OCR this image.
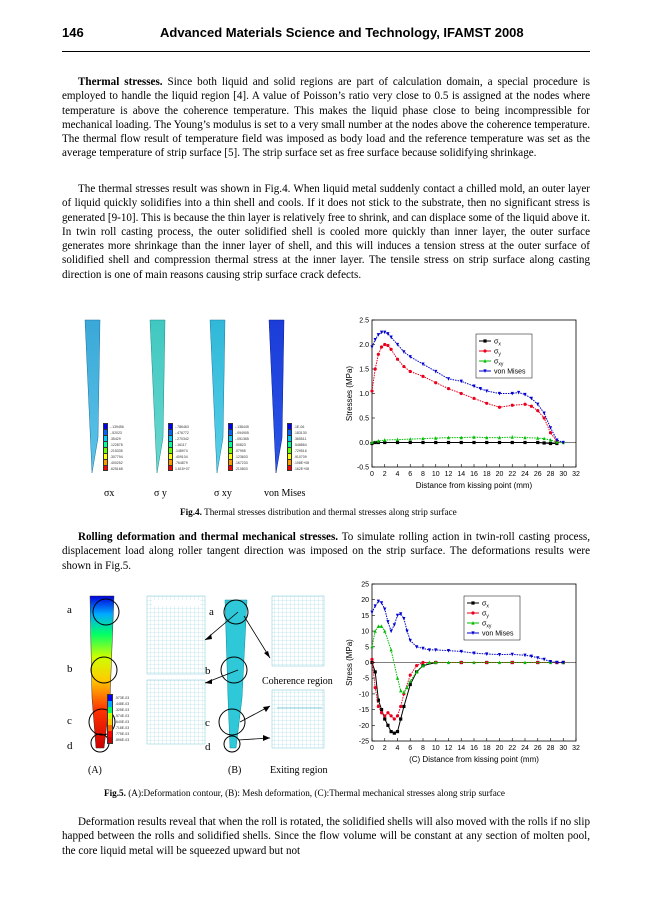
146	Advanced Materials Science and Technology, IFAMST 2008
Thermal stresses. Since both liquid and solid regions are part of calculation domain, a special procedure is employed to handle the liquid region [4]. A value of Poisson’s ratio very close to 0.5 is assigned at the nodes where temperature is above the coherence temperature. This makes the liquid phase close to being incompressible for mechanical loading. The Young’s modulus is set to a very small number at the nodes above the coherence temperature. The thermal flow result of temperature field was imposed as body load and the reference temperature was set as the average temperature of strip surface [5]. The strip surface set as free surface because solidifying shrinkage.
The thermal stresses result was shown in Fig.4. When liquid metal suddenly contact a chilled mold, an outer layer of liquid quickly solidifies into a thin shell and cools. If it does not stick to the substrate, then no significant stress is generated [9-10]. This is because the thin layer is relatively free to shrink, and can displace some of the liquid above it. In twin roll casting process, the outer solidified shell is cooled more quickly than inner layer, the outer surface generates more shrinkage than the inner layer of shell, and this will induces a tension stress at the outer surface of solidified shell and compression thermal stress at the inner layer. The tensile stress on strip surface along casting direction is one of main reasons causing strip surface crack defects.
-.139456
-.52023
.35429
.122878
.215335
.307794
.400252
.625168
-.786463
-.476772
-.270342
-.16117
.148974
.409104
.764879
1.615+07
-.138445
-.094905
-.051365
.00823
.07995
.123603
.167233
.210803
.1E-06
.183130
.365511
.548864
.729516
.910709
.108E+08
.162E+08
σx	σ y	σ xy	von Mises
0 2 4 6 8 10 12 14 16 18 20 22 24 26 28 30 32
-0.5
0.0
0.5
1.0
1.5
2.0
2.5
Distance from kissing point (mm)
Stresses (MPa)
$\sigma_x$
$\sigma_y$
$\sigma_{xy}$
von Mises
Fig.4. Thermal stresses distribution and thermal stresses along strip surface
Rolling deformation and thermal mechanical stresses. To simulate rolling action in twin-roll casting process, displacement load along roller tangent direction was imposed on the strip surface. The deformations results were shown in Fig.5.
.573E-03
.448E-03
.325E-03
.574E-03
.640E-03
.718E-03
.775E-03
.896E-03
a
b
c
d
a
b
c
d
Coherence region
(A)	(B)	Exiting region
0 2 4 6 8 10 12 14 16 18 20 22 24 26 28 30 32
-25
-20
-15
-10
-5
0
5
10
15
20
25
(C) Distance from kissing point (mm)
Stress (MPa)
$\sigma_x$
$\sigma_y$
$\sigma_{xy}$
von Mises
Fig.5. (A):Deformation contour, (B): Mesh deformation, (C):Thermal mechanical stresses along strip surface
Deformation results reveal that when the roll is rotated, the solidified shells will also moved with the rolls if no slip happed between the rolls and solidified shells. Since the flow volume will be constant at any section of molten pool, the core liquid metal will be squeezed upward but not
